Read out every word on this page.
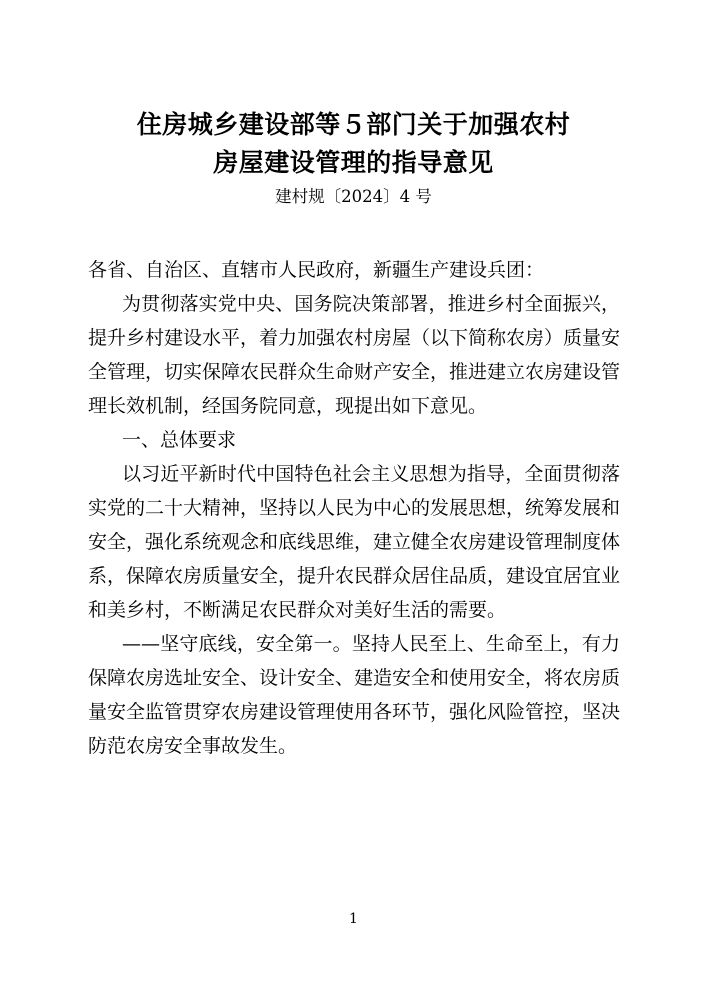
住房城乡建设部等５部门关于加强农村
房屋建设管理的指导意见
建村规〔2024〕4 号
各省、自治区、直辖市人民政府，新疆生产建设兵团：
为贯彻落实党中央、国务院决策部署，推进乡村全面振兴，
提升乡村建设水平，着力加强农村房屋（以下简称农房）质量安
全管理，切实保障农民群众生命财产安全，推进建立农房建设管
理长效机制，经国务院同意，现提出如下意见。
一、总体要求
以习近平新时代中国特色社会主义思想为指导，全面贯彻落
实党的二十大精神，坚持以人民为中心的发展思想，统筹发展和
安全，强化系统观念和底线思维，建立健全农房建设管理制度体
系，保障农房质量安全，提升农民群众居住品质，建设宜居宜业
和美乡村，不断满足农民群众对美好生活的需要。
——坚守底线，安全第一。坚持人民至上、生命至上，有力
保障农房选址安全、设计安全、建造安全和使用安全，将农房质
量安全监管贯穿农房建设管理使用各环节，强化风险管控，坚决
防范农房安全事故发生。
1
